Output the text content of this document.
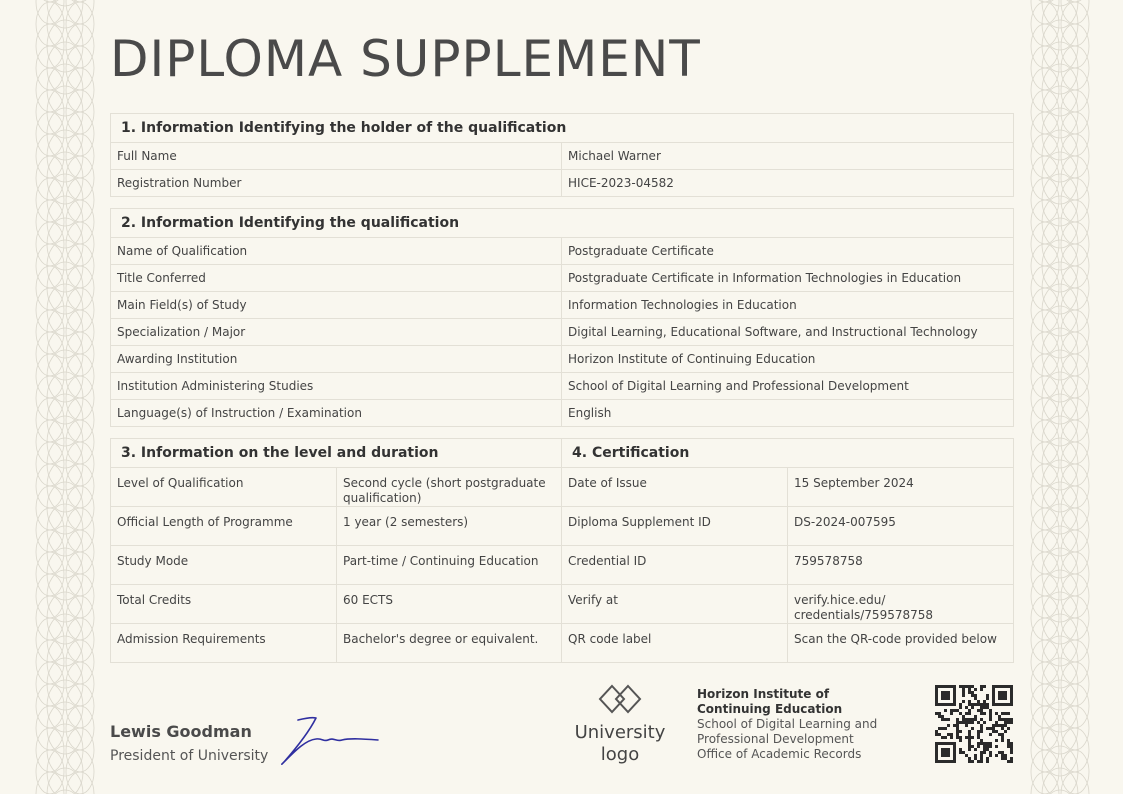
DIPLOMA SUPPLEMENT
1. Information Identifying the holder of the qualification	
Full Name	Michael Warner
Registration Number	HICE-2023-04582
2. Information Identifying the qualification	
Name of Qualification	Postgraduate Certificate
Title Conferred	Postgraduate Certificate in Information Technologies in Education
Main Field(s) of Study	Information Technologies in Education
Specialization / Major	Digital Learning, Educational Software, and Instructional Technology
Awarding Institution	Horizon Institute of Continuing Education
Institution Administering Studies	School of Digital Learning and Professional Development
Language(s) of Instruction / Examination	English
3. Information on the level and duration		4. Certification	
Level of Qualification	Second cycle (short postgraduate qualification)	Date of Issue	15 September 2024
Official Length of Programme	1 year (2 semesters)	Diploma Supplement ID	DS-2024-007595
Study Mode	Part-time / Continuing Education	Credential ID	759578758
Total Credits	60 ECTS	Verify at	verify.hice.edu/ credentials/759578758
Admission Requirements	Bachelor's degree or equivalent.	QR code label	Scan the QR-code provided below
Lewis Goodman
President of University
University logo
Horizon Institute of Continuing Education
School of Digital Learning and Professional Development
Office of Academic Records
